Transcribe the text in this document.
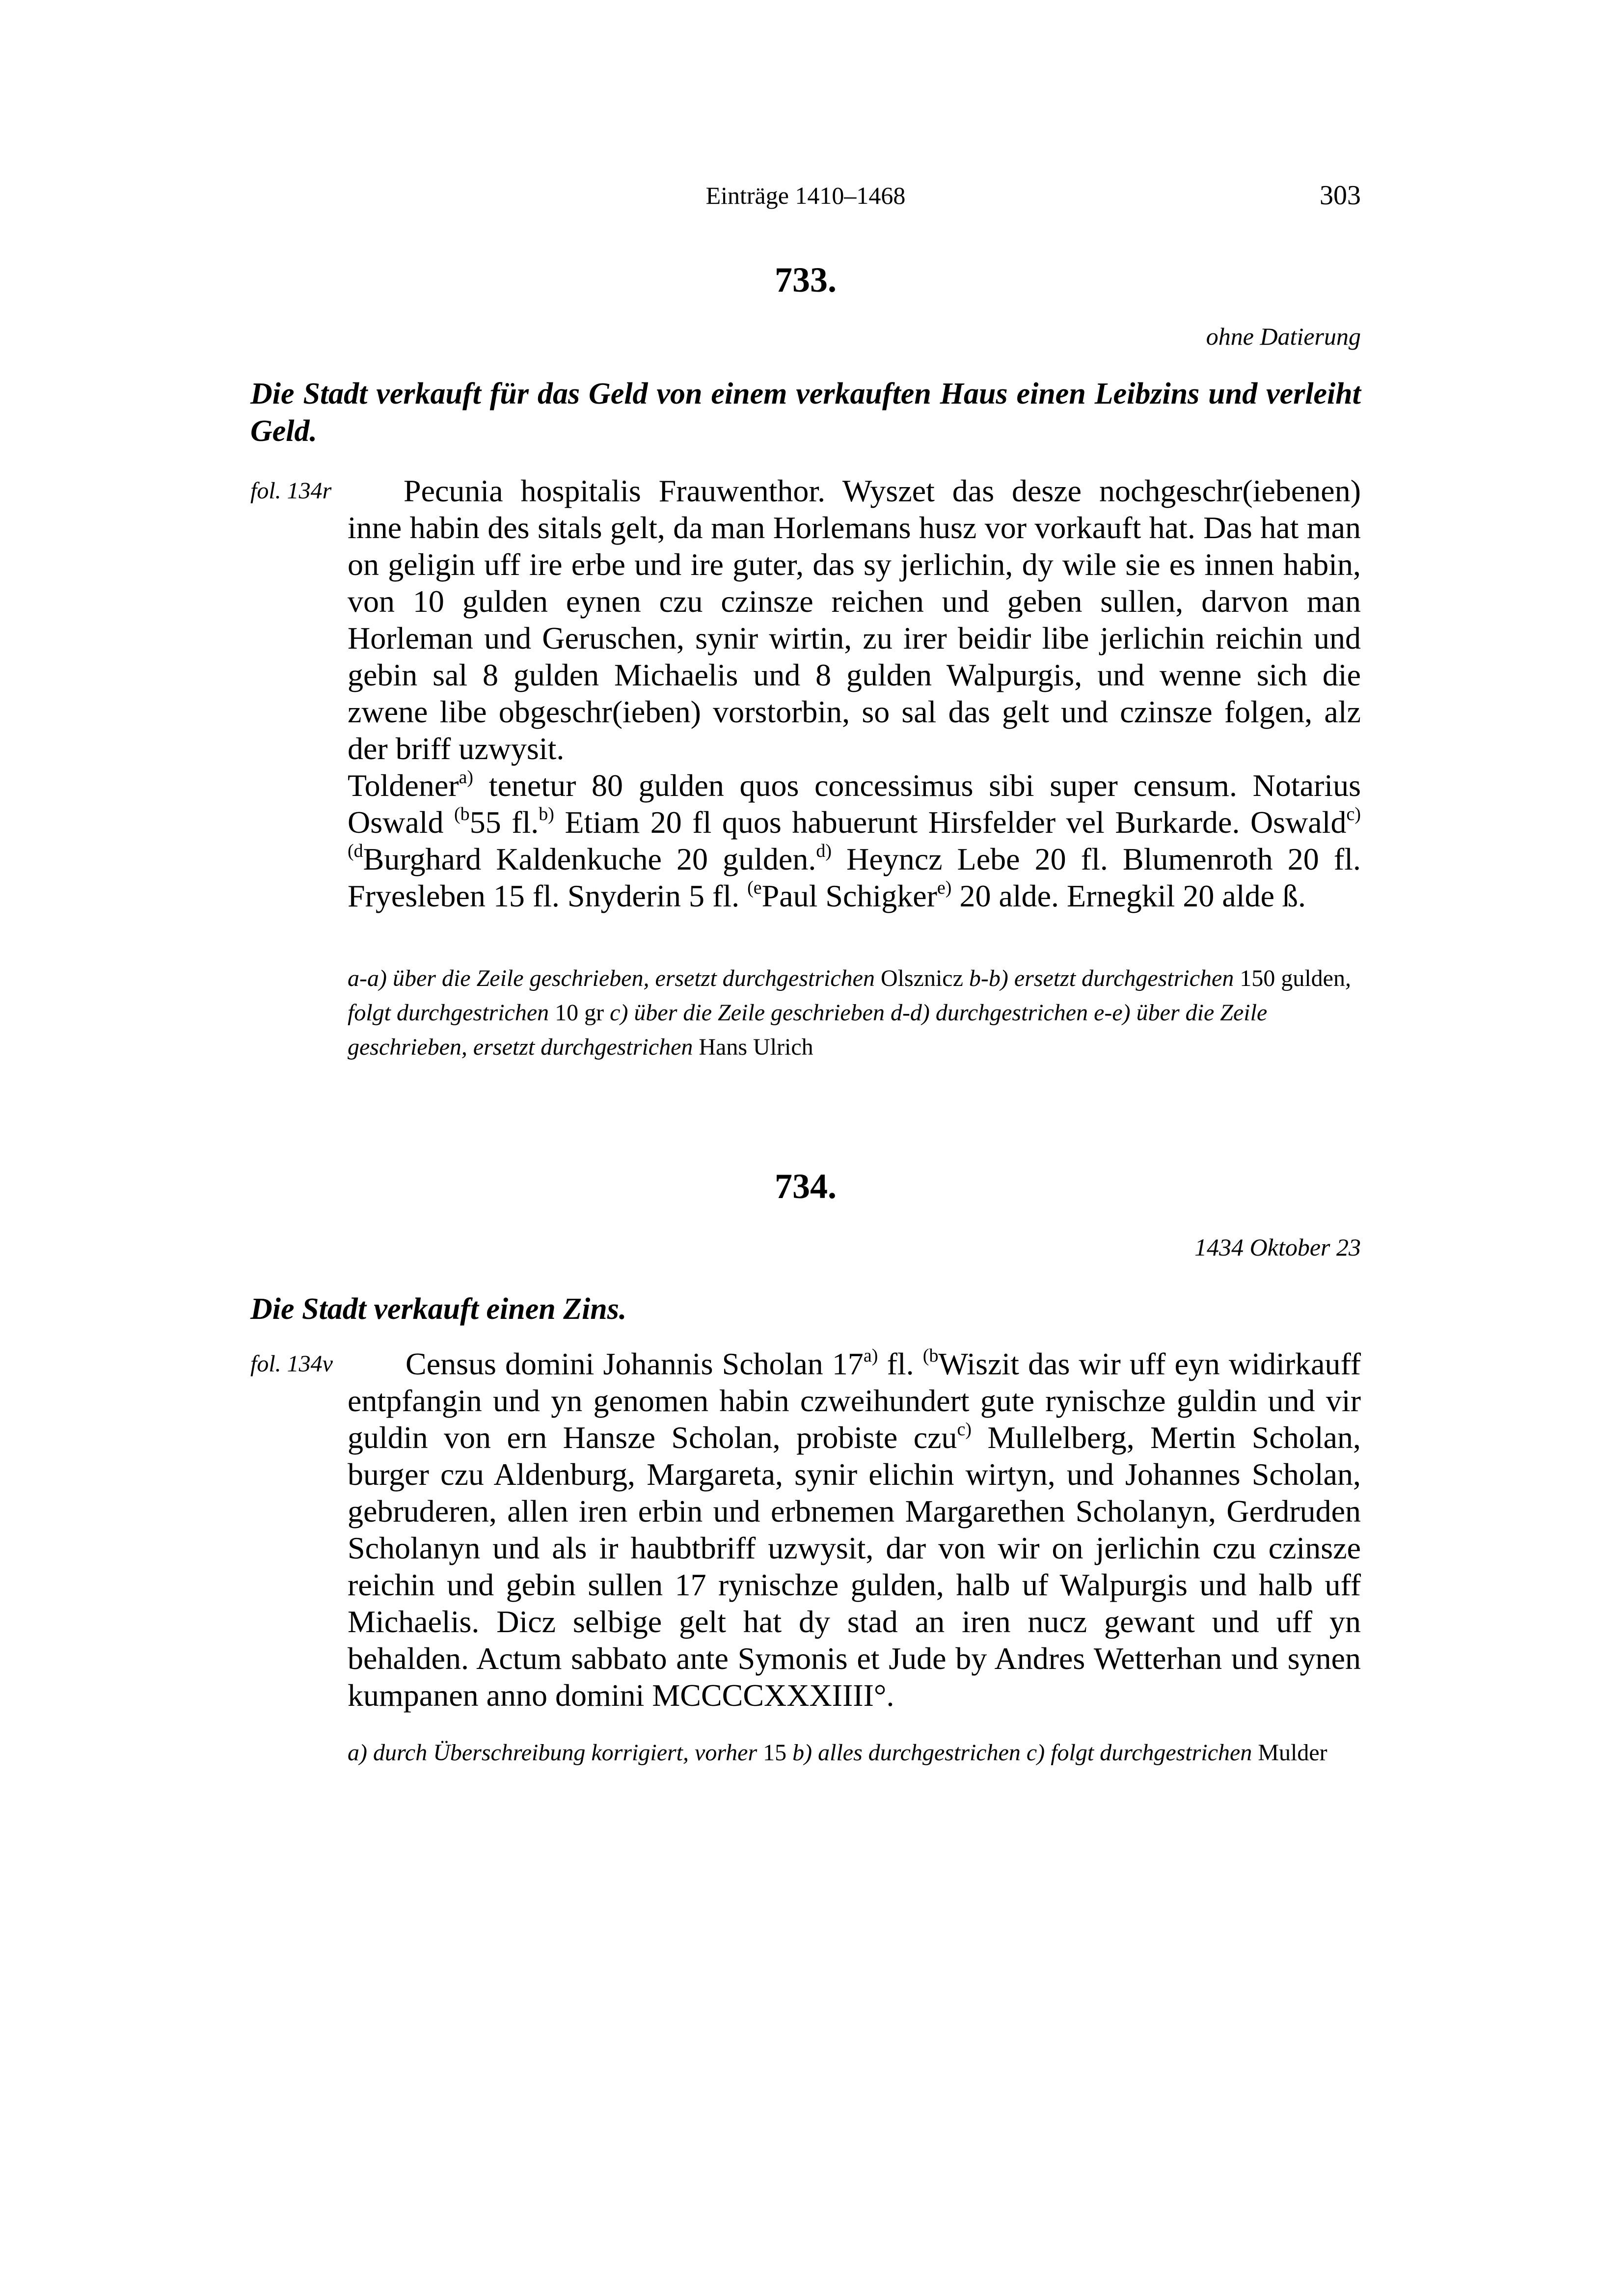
Einträge 1410–1468	303
733.
ohne Datierung

Die Stadt verkauft für das Geld von einem verkauften Haus einen Leibzins und verleiht Geld.

fol. 134r	Pecunia hospitalis Frauwenthor. Wyszet das desze nochgeschr(iebenen) inne habin des sitals gelt, da man Horlemans husz vor vorkauft hat. Das hat man on geligin uff ire erbe und ire guter, das sy jerlichin, dy wile sie es innen habin, von 10 gulden eynen czu czinsze reichen und geben sullen, darvon man Horleman und Geruschen, synir wirtin, zu irer beidir libe jerlichin reichin und gebin sal 8 gulden Michaelis und 8 gulden Walpurgis, und wenne sich die zwene libe obgeschr(ieben) vorstorbin, so sal das gelt und czinsze folgen, alz der briff uzwysit.

Toldener$^{a)}$ tenetur 80 gulden quos concessimus sibi super censum. Notarius Oswald $^{(b}$55 fl.$^{b)}$ Etiam 20 fl quos habuerunt Hirsfelder vel Burkarde. Oswald$^{c)}$ $^{(d}$Burghard Kaldenkuche 20 gulden.$^{d)}$ Heyncz Lebe 20 fl. Blumenroth 20 fl. Fryesleben 15 fl. Snyderin 5 fl. $^{(e}$Paul Schigker$^{e)}$ 20 alde. Ernegkil 20 alde ß.

a-a) über die Zeile geschrieben, ersetzt durchgestrichen Olsznicz b-b) ersetzt durchgestrichen 150 gulden, folgt durchgestrichen 10 gr c) über die Zeile geschrieben d-d) durchgestrichen e-e) über die Zeile geschrieben, ersetzt durchgestrichen Hans Ulrich

734.
1434 Oktober 23

Die Stadt verkauft einen Zins.

fol. 134v	Census domini Johannis Scholan 17$^{a)}$ fl. $^{(b}$Wiszit das wir uff eyn widirkauff entpfangin und yn genomen habin czweihundert gute rynischze guldin und vir guldin von ern Hansze Scholan, probiste czu$^{c)}$ Mullelberg, Mertin Scholan, burger czu Aldenburg, Margareta, synir elichin wirtyn, und Johannes Scholan, gebruderen, allen iren erbin und erbnemen Margarethen Scholanyn, Gerdruden Scholanyn und als ir haubtbriff uzwysit, dar von wir on jerlichin czu czinsze reichin und gebin sullen 17 rynischze gulden, halb uf Walpurgis und halb uff Michaelis. Dicz selbige gelt hat dy stad an iren nucz gewant und uff yn behalden. Actum sabbato ante Symonis et Jude by Andres Wetterhan und synen kumpanen anno domini MCCCCXXXIIII°.

a) durch Überschreibung korrigiert, vorher 15 b) alles durchgestrichen c) folgt durchgestrichen Mulder
